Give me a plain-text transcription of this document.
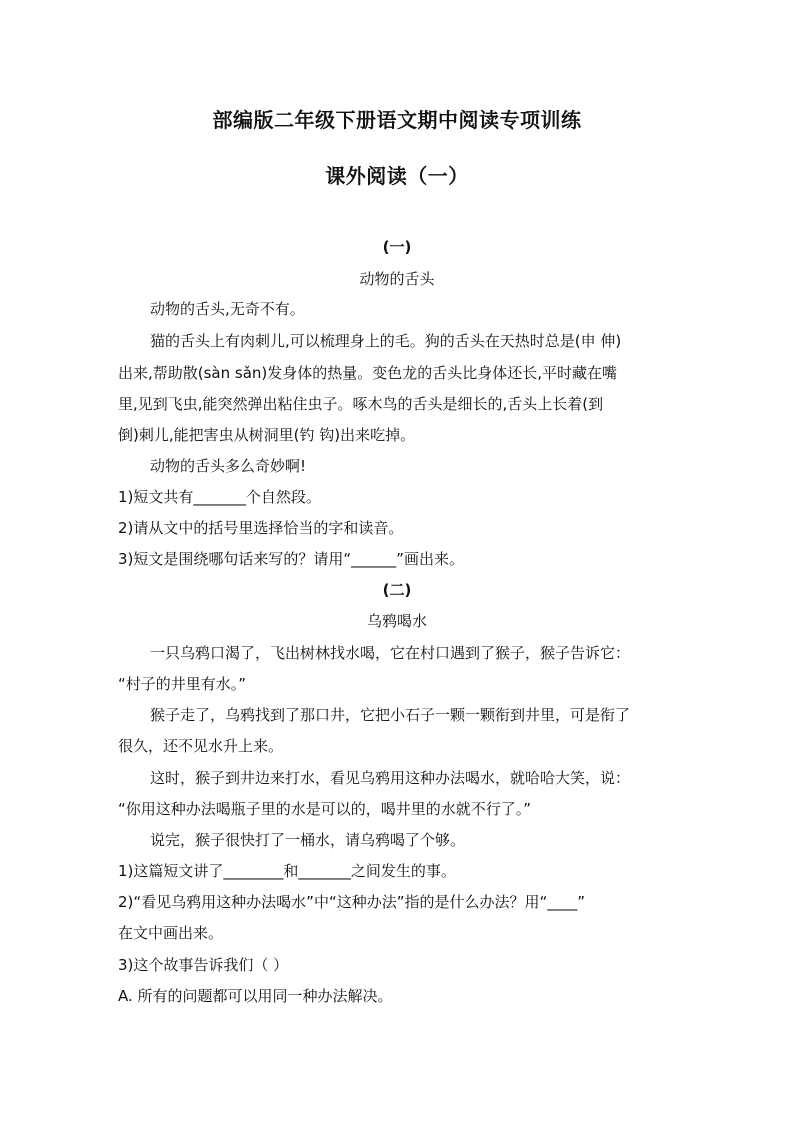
部编版二年级下册语文期中阅读专项训练
课外阅读（一）
(一)
动物的舌头
动物的舌头,无奇不有。
猫的舌头上有肉刺儿,可以梳理身上的毛。狗的舌头在天热时总是(申 伸)
出来,帮助散(sàn sǎn)发身体的热量。变色龙的舌头比身体还长,平时藏在嘴
里,见到飞虫,能突然弹出粘住虫子。啄木鸟的舌头是细长的,舌头上长着(到
倒)刺儿,能把害虫从树洞里(钓 钩)出来吃掉。
动物的舌头多么奇妙啊!
1)短文共有_______个自然段。
2)请从文中的括号里选择恰当的字和读音。
3)短文是围绕哪句话来写的？请用“______”画出来。
(二)
乌鸦喝水
一只乌鸦口渴了，飞出树林找水喝，它在村口遇到了猴子，猴子告诉它：
“村子的井里有水。”
猴子走了，乌鸦找到了那口井，它把小石子一颗一颗衔到井里，可是衔了
很久，还不见水升上来。
这时，猴子到井边来打水，看见乌鸦用这种办法喝水，就哈哈大笑，说：
“你用这种办法喝瓶子里的水是可以的，喝井里的水就不行了。”
说完，猴子很快打了一桶水，请乌鸦喝了个够。
1)这篇短文讲了________和_______之间发生的事。
2)“看见乌鸦用这种办法喝水”中“这种办法”指的是什么办法？用“____”
在文中画出来。
3)这个故事告诉我们（ ）
A. 所有的问题都可以用同一种办法解决。
